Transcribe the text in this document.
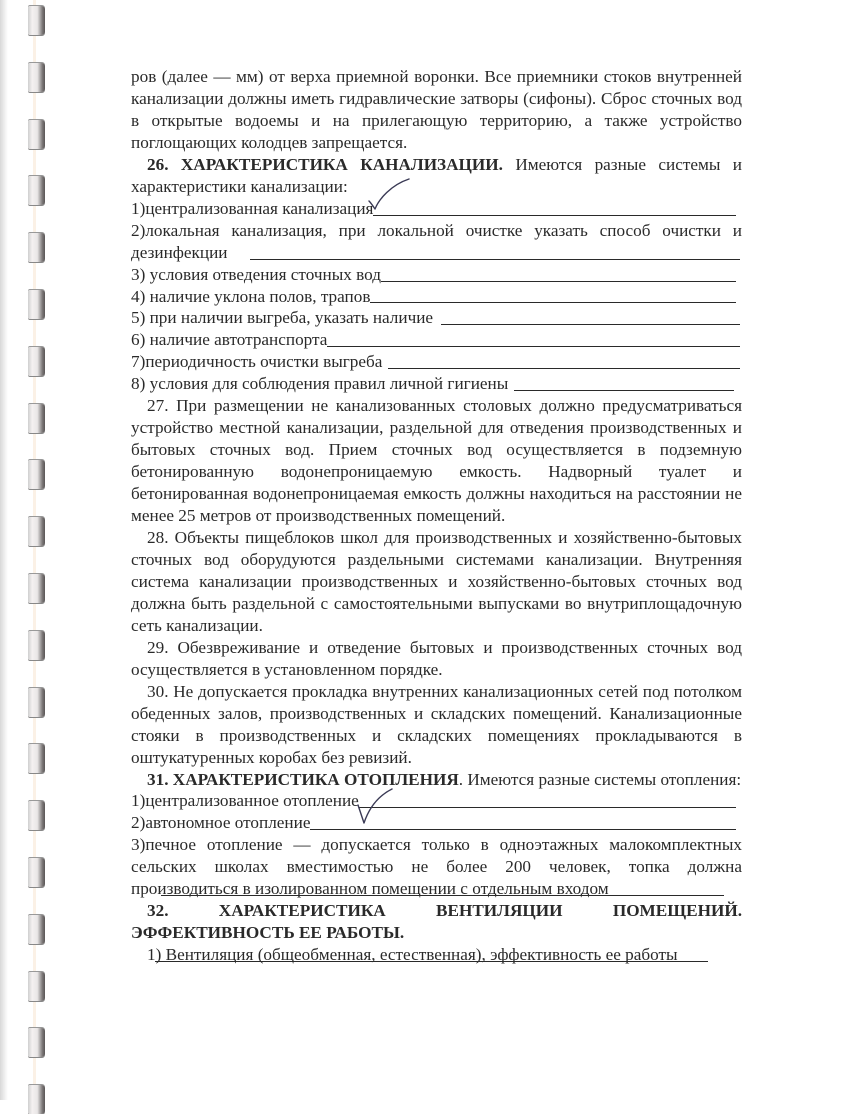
ров (далее — мм) от верха приемной воронки. Все приемники стоков внутренней канализации должны иметь гидравлические затворы (сифоны). Сброс сточных вод в открытые водоемы и на прилегающую территорию, а также устройство поглощающих колодцев запрещается.

26. ХАРАКТЕРИСТИКА КАНАЛИЗАЦИИ. Имеются разные системы и характеристики канализации:

1)централизованная канализация
2)локальная канализация, при локальной очистке указать способ очистки и дезинфекции
3) условия отведения сточных вод
4) наличие уклона полов, трапов
5) при наличии выгреба, указать наличие
6) наличие автотранспорта
7)периодичность очистки выгреба
8) условия для соблюдения правил личной гигиены

27. При размещении не канализованных столовых должно предусматриваться устройство местной канализации, раздельной для отведения производственных и бытовых сточных вод. Прием сточных вод осуществляется в подземную бетонированную водонепроницаемую емкость. Надворный туалет и бетонированная водонепроницаемая емкость должны находиться на расстоянии не менее 25 метров от производственных помещений.

28. Объекты пищеблоков школ для производственных и хозяйственно-бытовых сточных вод оборудуются раздельными системами канализации. Внутренняя система канализации производственных и хозяйственно-бытовых сточных вод должна быть раздельной с самостоятельными выпусками во внутриплощадочную сеть канализации.

29. Обезвреживание и отведение бытовых и производственных сточных вод осуществляется в установленном порядке.

30. Не допускается прокладка внутренних канализационных сетей под потолком обеденных залов, производственных и складских помещений. Канализационные стояки в производственных и складских помещениях прокладываются в оштукатуренных коробах без ревизий.

31. ХАРАКТЕРИСТИКА ОТОПЛЕНИЯ. Имеются разные системы отопления:

1)централизованное отопление
2)автономное отопление

3)печное отопление — допускается только в одноэтажных малокомплектных сельских школах вместимостью не более 200 человек, топка должна производиться в изолированном помещении с отдельным входом

32. ХАРАКТЕРИСТИКА ВЕНТИЛЯЦИИ ПОМЕЩЕНИЙ. ЭФФЕКТИВНОСТЬ ЕЕ РАБОТЫ.

1) Вентиляция (общеобменная, естественная), эффективность ее работы
